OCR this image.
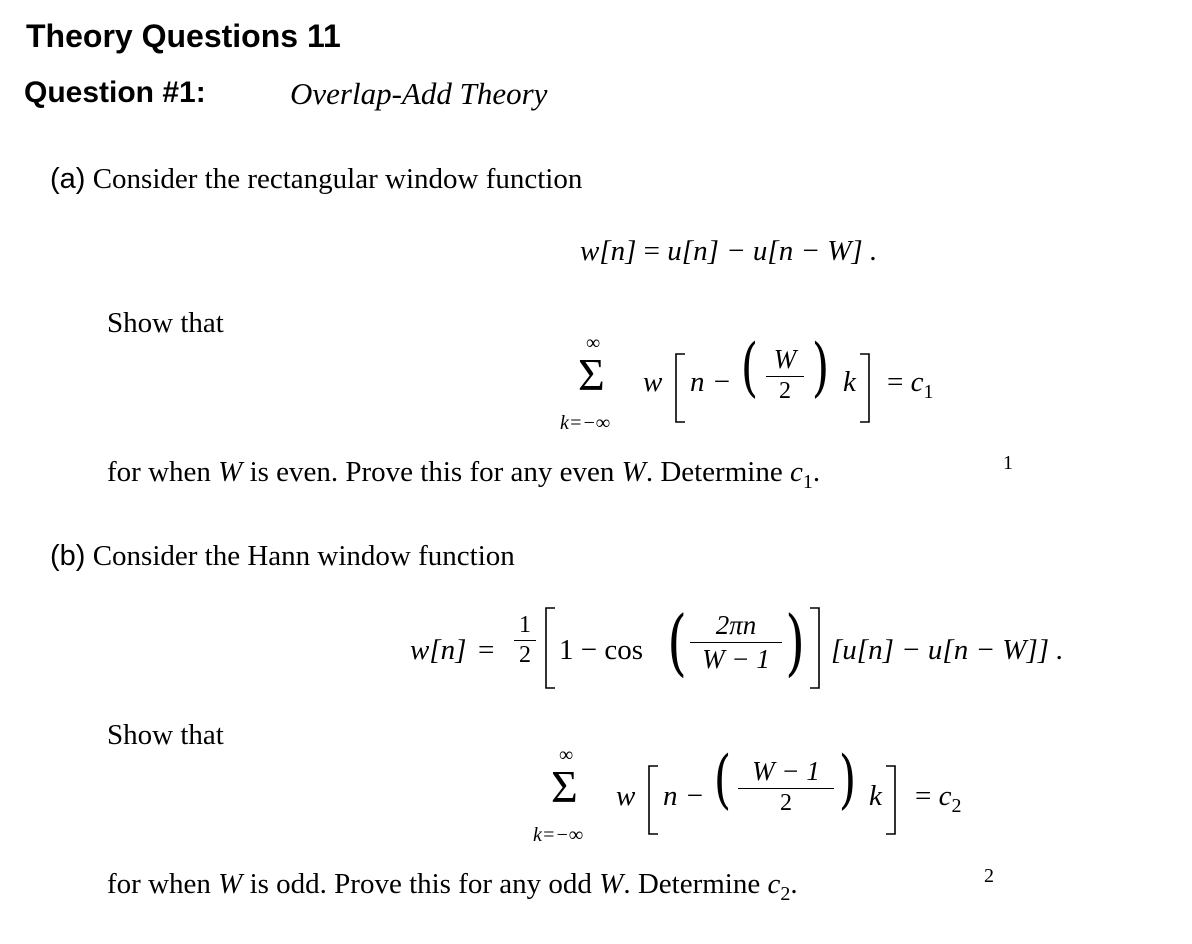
Theory Questions 11
Question #1:	Overlap-Add Theory
(a) Consider the rectangular window function
w[n] = u[n] − u[n − W] .
Show that
∞
Σ
k=−∞
w n − ( W
2 ) $k = c_1$
for when W is even. Prove this for any even W. Determine $c_1$.	1
(b) Consider the Hann window function
w[n] =
1
2 1 − cos (	2πn
W − 1 ) [u[n] − u[n − W]] .
Show that
∞
Σ
k=−∞
w n − ( W − 1
2 ) $k = c_2$
for when W is odd. Prove this for any odd W. Determine $c_2$.	2
